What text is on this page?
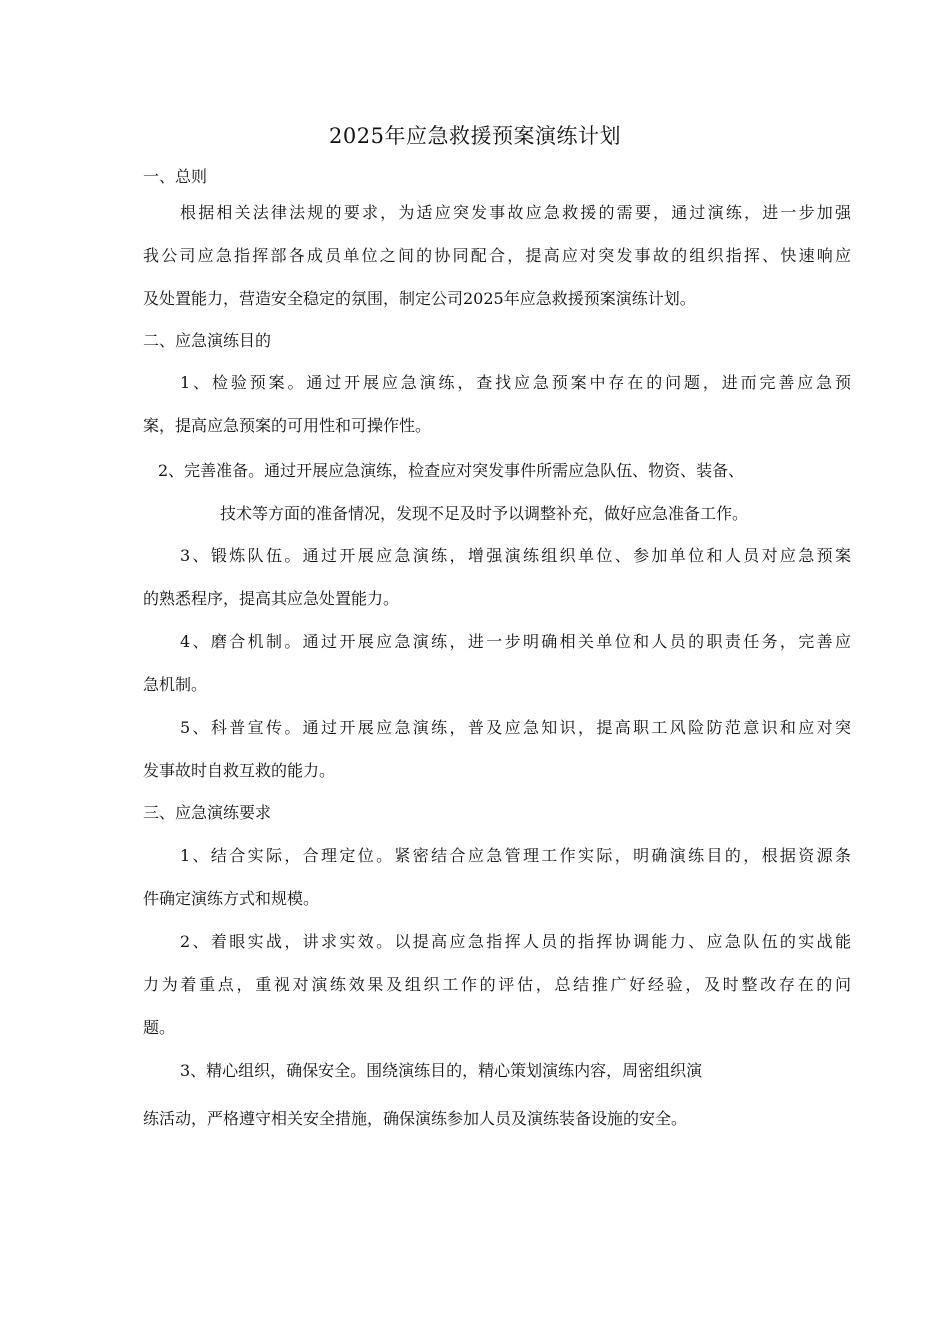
2025年应急救援预案演练计划
一、总则
根据相关法律法规的要求，为适应突发事故应急救援的需要，通过演练，进一步加强
我公司应急指挥部各成员单位之间的协同配合，提高应对突发事故的组织指挥、快速响应
及处置能力，营造安全稳定的氛围，制定公司2025年应急救援预案演练计划。
二、应急演练目的
1、检验预案。通过开展应急演练，查找应急预案中存在的问题，进而完善应急预
案，提高应急预案的可用性和可操作性。
2、完善准备。通过开展应急演练，检查应对突发事件所需应急队伍、物资、装备、
技术等方面的准备情况，发现不足及时予以调整补充，做好应急准备工作。
3、锻炼队伍。通过开展应急演练，增强演练组织单位、参加单位和人员对应急预案
的熟悉程序，提高其应急处置能力。
4、磨合机制。通过开展应急演练，进一步明确相关单位和人员的职责任务，完善应
急机制。
5、科普宣传。通过开展应急演练，普及应急知识，提高职工风险防范意识和应对突
发事故时自救互救的能力。
三、应急演练要求
1、结合实际，合理定位。紧密结合应急管理工作实际，明确演练目的，根据资源条
件确定演练方式和规模。
2、着眼实战，讲求实效。以提高应急指挥人员的指挥协调能力、应急队伍的实战能
力为着重点，重视对演练效果及组织工作的评估，总结推广好经验，及时整改存在的问
题。
3、精心组织，确保安全。围绕演练目的，精心策划演练内容，周密组织演
练活动，严格遵守相关安全措施，确保演练参加人员及演练装备设施的安全。
